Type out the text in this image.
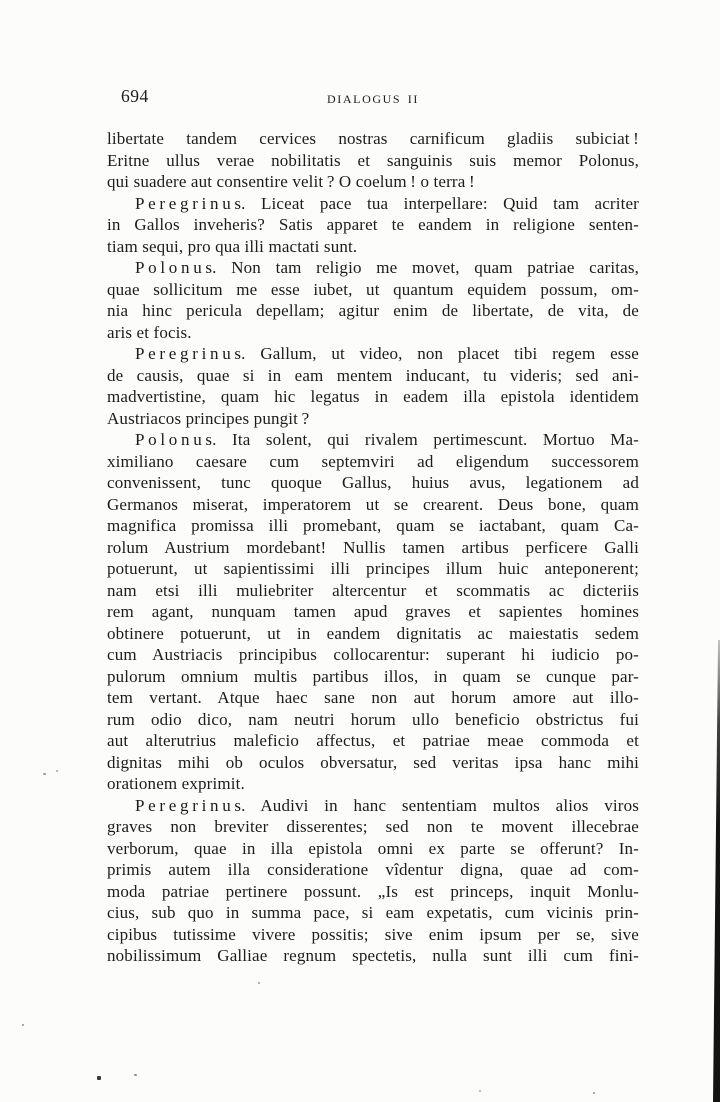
694	DIALOGUS II
libertate tandem cervices nostras carnificum gladiis subiciat !
Eritne ullus verae nobilitatis et sanguinis suis memor Polonus,
qui suadere aut consentire velit ? O coelum ! o terra !
P e r e g r i n u s. Liceat pace tua interpellare: Quid tam acriter
in Gallos inveheris? Satis apparet te eandem in religione senten-
tiam sequi, pro qua illi mactati sunt.
P o l o n u s. Non tam religio me movet, quam patriae caritas,
quae sollicitum me esse iubet, ut quantum equidem possum, om-
nia hinc pericula depellam; agitur enim de libertate, de vita, de
aris et focis.
P e r e g r i n u s. Gallum, ut video, non placet tibi regem esse
de causis, quae si in eam mentem inducant, tu videris; sed ani-
madvertistine, quam hic legatus in eadem illa epistola identidem
Austriacos principes pungit ?
P o l o n u s. Ita solent, qui rivalem pertimescunt. Mortuo Ma-
ximiliano caesare cum septemviri ad eligendum successorem
convenissent, tunc quoque Gallus, huius avus, legationem ad
Germanos miserat, imperatorem ut se crearent. Deus bone, quam
magnifica promissa illi promebant, quam se iactabant, quam Ca-
rolum Austrium mordebant! Nullis tamen artibus perficere Galli
potuerunt, ut sapientissimi illi principes illum huic anteponerent;
nam etsi illi muliebriter altercentur et scommatis ac dicteriis
rem agant, nunquam tamen apud graves et sapientes homines
obtinere potuerunt, ut in eandem dignitatis ac maiestatis sedem
cum Austriacis principibus collocarentur: superant hi iudicio po-
pulorum omnium multis partibus illos, in quam se cunque par-
tem vertant. Atque haec sane non aut horum amore aut illo-
rum odio dico, nam neutri horum ullo beneficio obstrictus fui
aut alterutrius maleficio affectus, et patriae meae commoda et
dignitas mihi ob oculos obversatur, sed veritas ipsa hanc mihi
orationem exprimit.
P e r e g r i n u s. Audivi in hanc sententiam multos alios viros
graves non breviter disserentes; sed non te movent illecebrae
verborum, quae in illa epistola omni ex parte se offerunt? In-
primis autem illa consideratione vîdentur digna, quae ad com-
moda patriae pertinere possunt. „Is est princeps, inquit Monlu-
cius, sub quo in summa pace, si eam expetatis, cum vicinis prin-
cipibus tutissime vivere possitis; sive enim ipsum per se, sive
nobilissimum Galliae regnum spectetis, nulla sunt illi cum fini-
